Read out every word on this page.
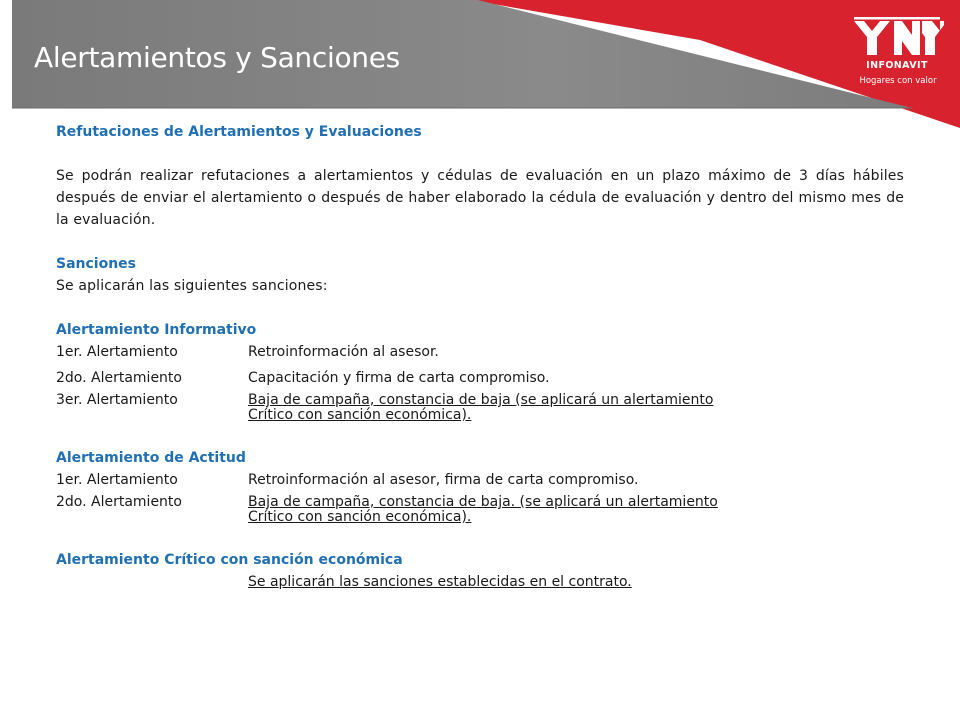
Alertamientos y Sanciones	INFONAVIT
Hogares con valor

Refutaciones de Alertamientos y Evaluaciones

Se podrán realizar refutaciones a alertamientos y cédulas de evaluación en un plazo máximo de 3 días hábiles después de enviar el alertamiento o después de haber elaborado la cédula de evaluación y dentro del mismo mes de la evaluación.

Sanciones

Se aplicarán las siguientes sanciones:

Alertamiento Informativo

1er. Alertamiento	Retroinformación al asesor.
2do. Alertamiento	Capacitación y firma de carta compromiso.
3er. Alertamiento	Baja de campaña, constancia de baja (se aplicará un alertamiento Crítico con sanción económica).

Alertamiento de Actitud

1er. Alertamiento	Retroinformación al asesor, firma de carta compromiso.
2do. Alertamiento	Baja de campaña, constancia de baja. (se aplicará un alertamiento Crítico con sanción económica).

Alertamiento Crítico con sanción económica

Se aplicarán las sanciones establecidas en el contrato.
